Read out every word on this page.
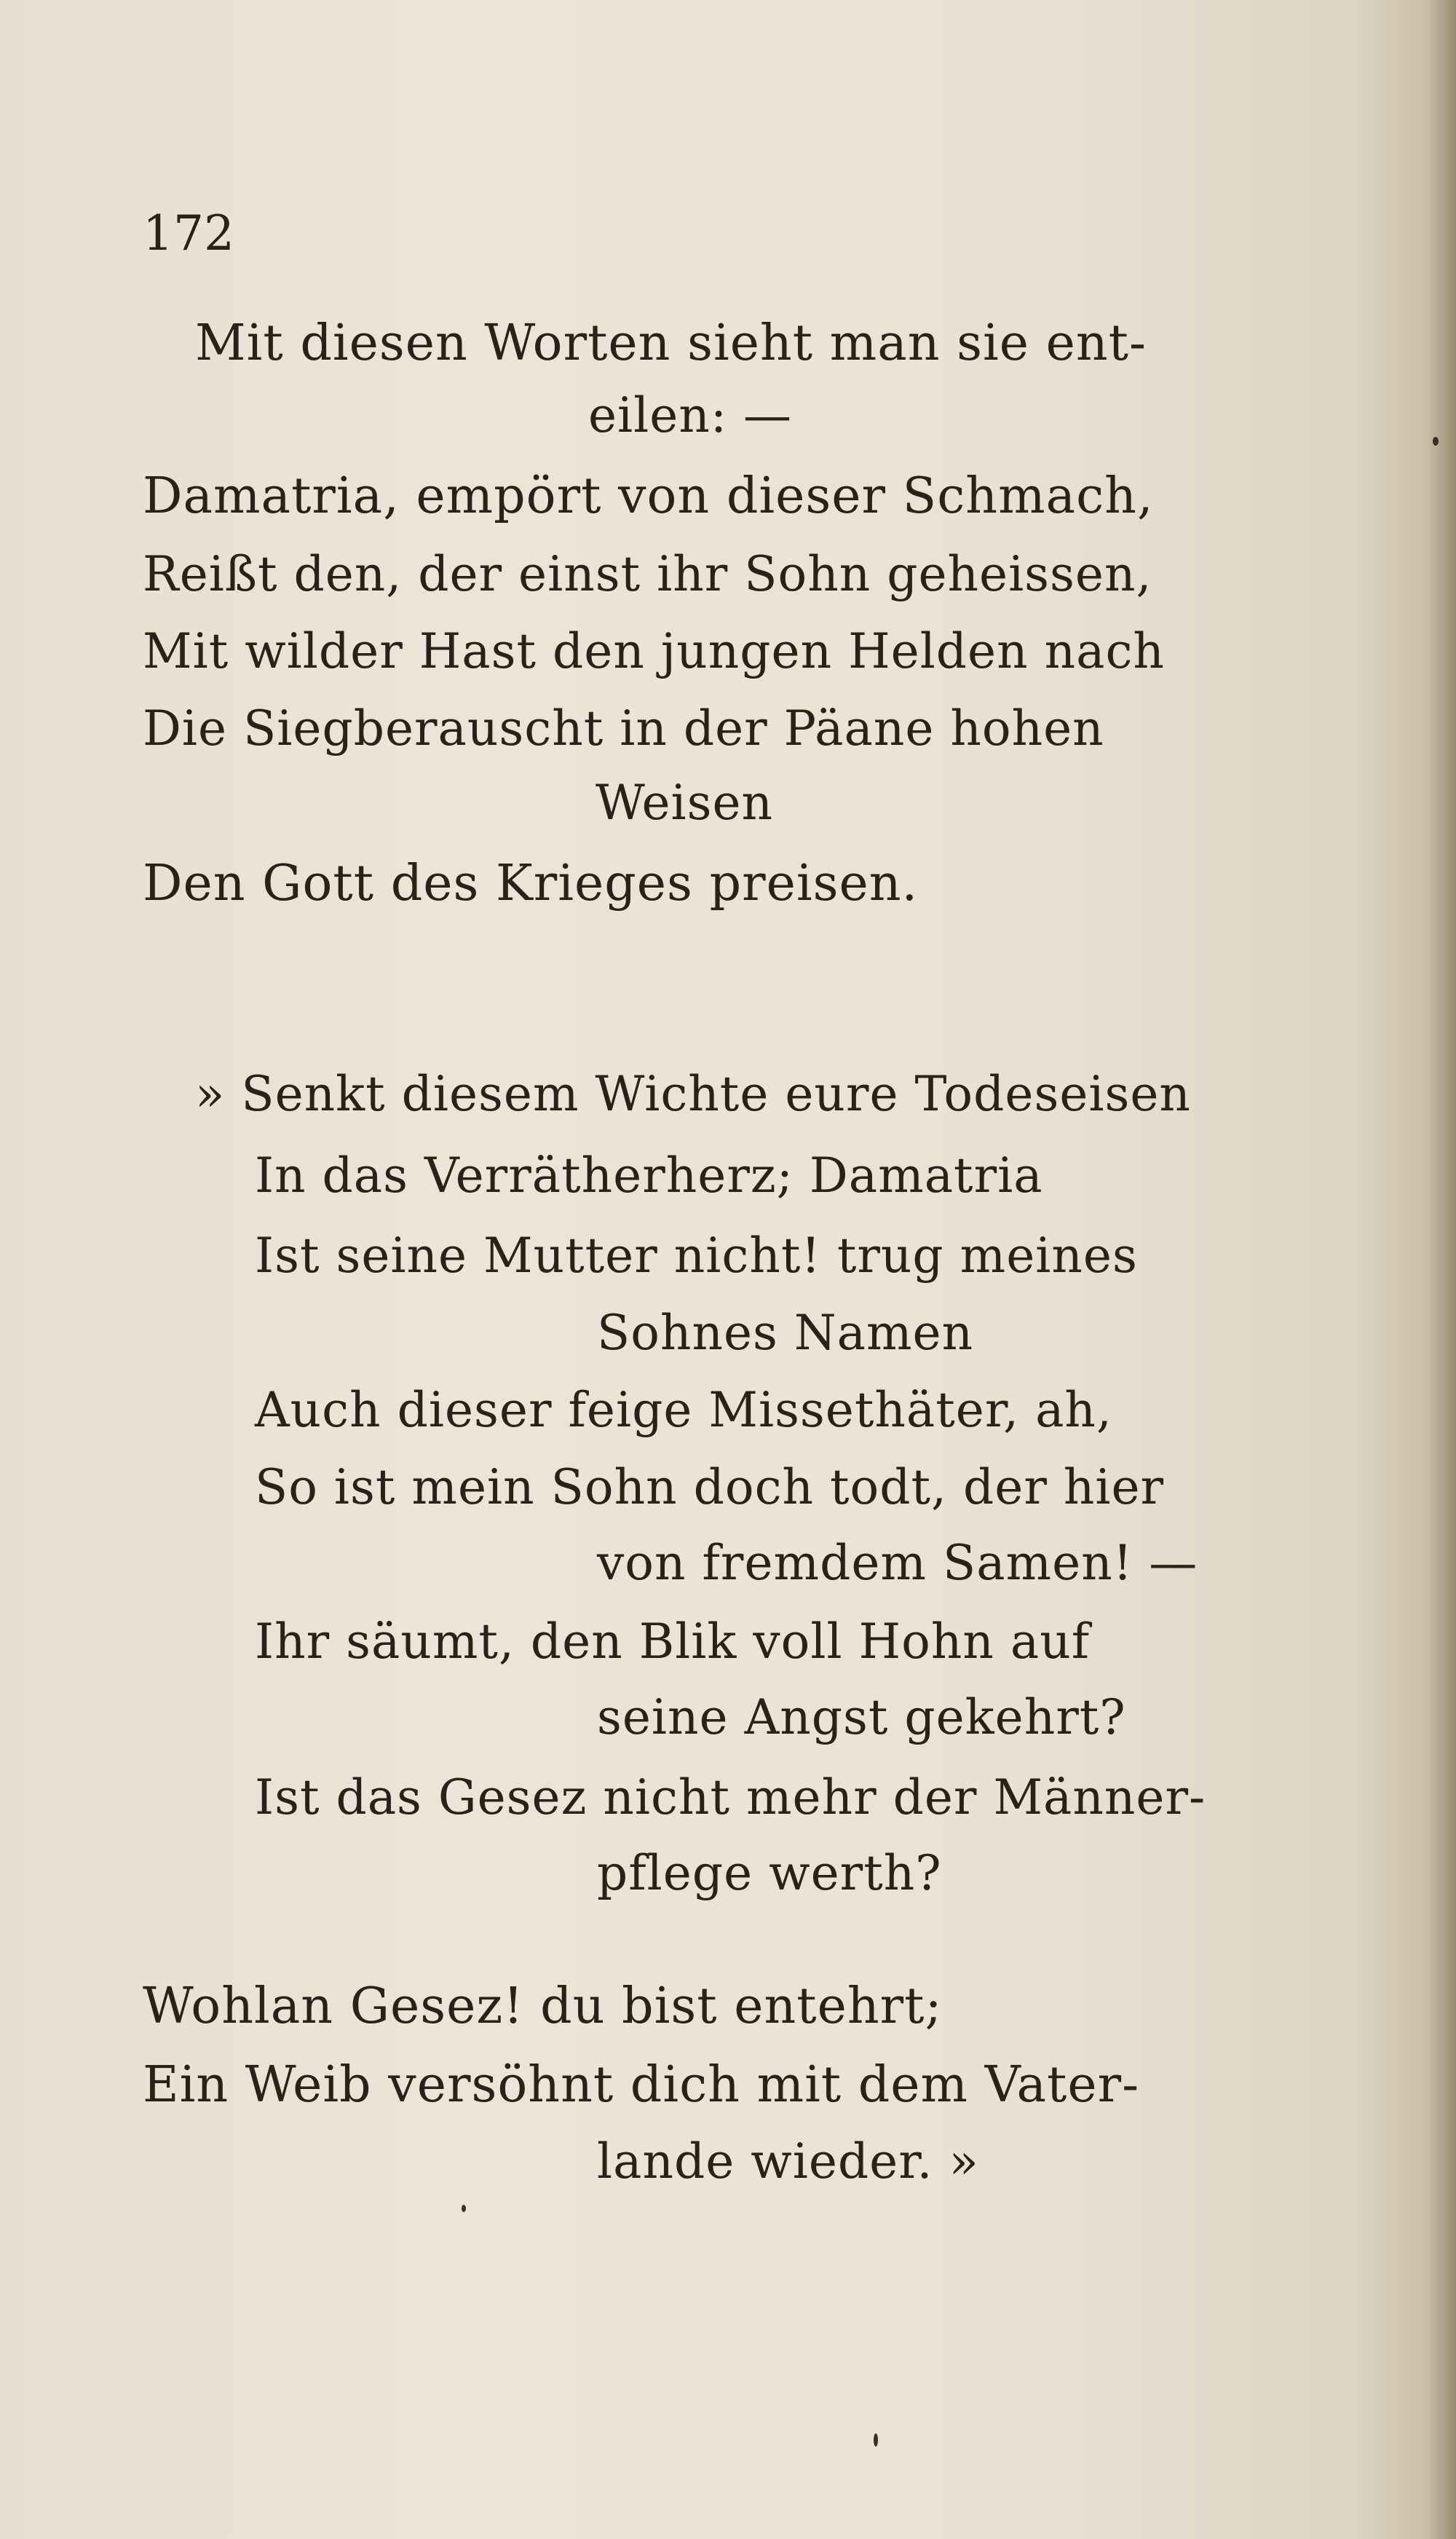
172
Mit diesen Worten sieht man sie ent-
eilen: —
Damatria, empört von dieser Schmach,
Reißt den, der einst ihr Sohn geheissen,
Mit wilder Hast den jungen Helden nach
Die Siegberauscht in der Päane hohen
Weisen
Den Gott des Krieges preisen.
» Senkt diesem Wichte eure Todeseisen
In das Verrätherherz; Damatria
Ist seine Mutter nicht! trug meines
Sohnes Namen
Auch dieser feige Missethäter, ah,
So ist mein Sohn doch todt, der hier
von fremdem Samen! —
Ihr säumt, den Blik voll Hohn auf
seine Angst gekehrt?
Ist das Gesez nicht mehr der Männer-
pflege werth?
Wohlan Gesez! du bist entehrt;
Ein Weib versöhnt dich mit dem Vater-
lande wieder. »
